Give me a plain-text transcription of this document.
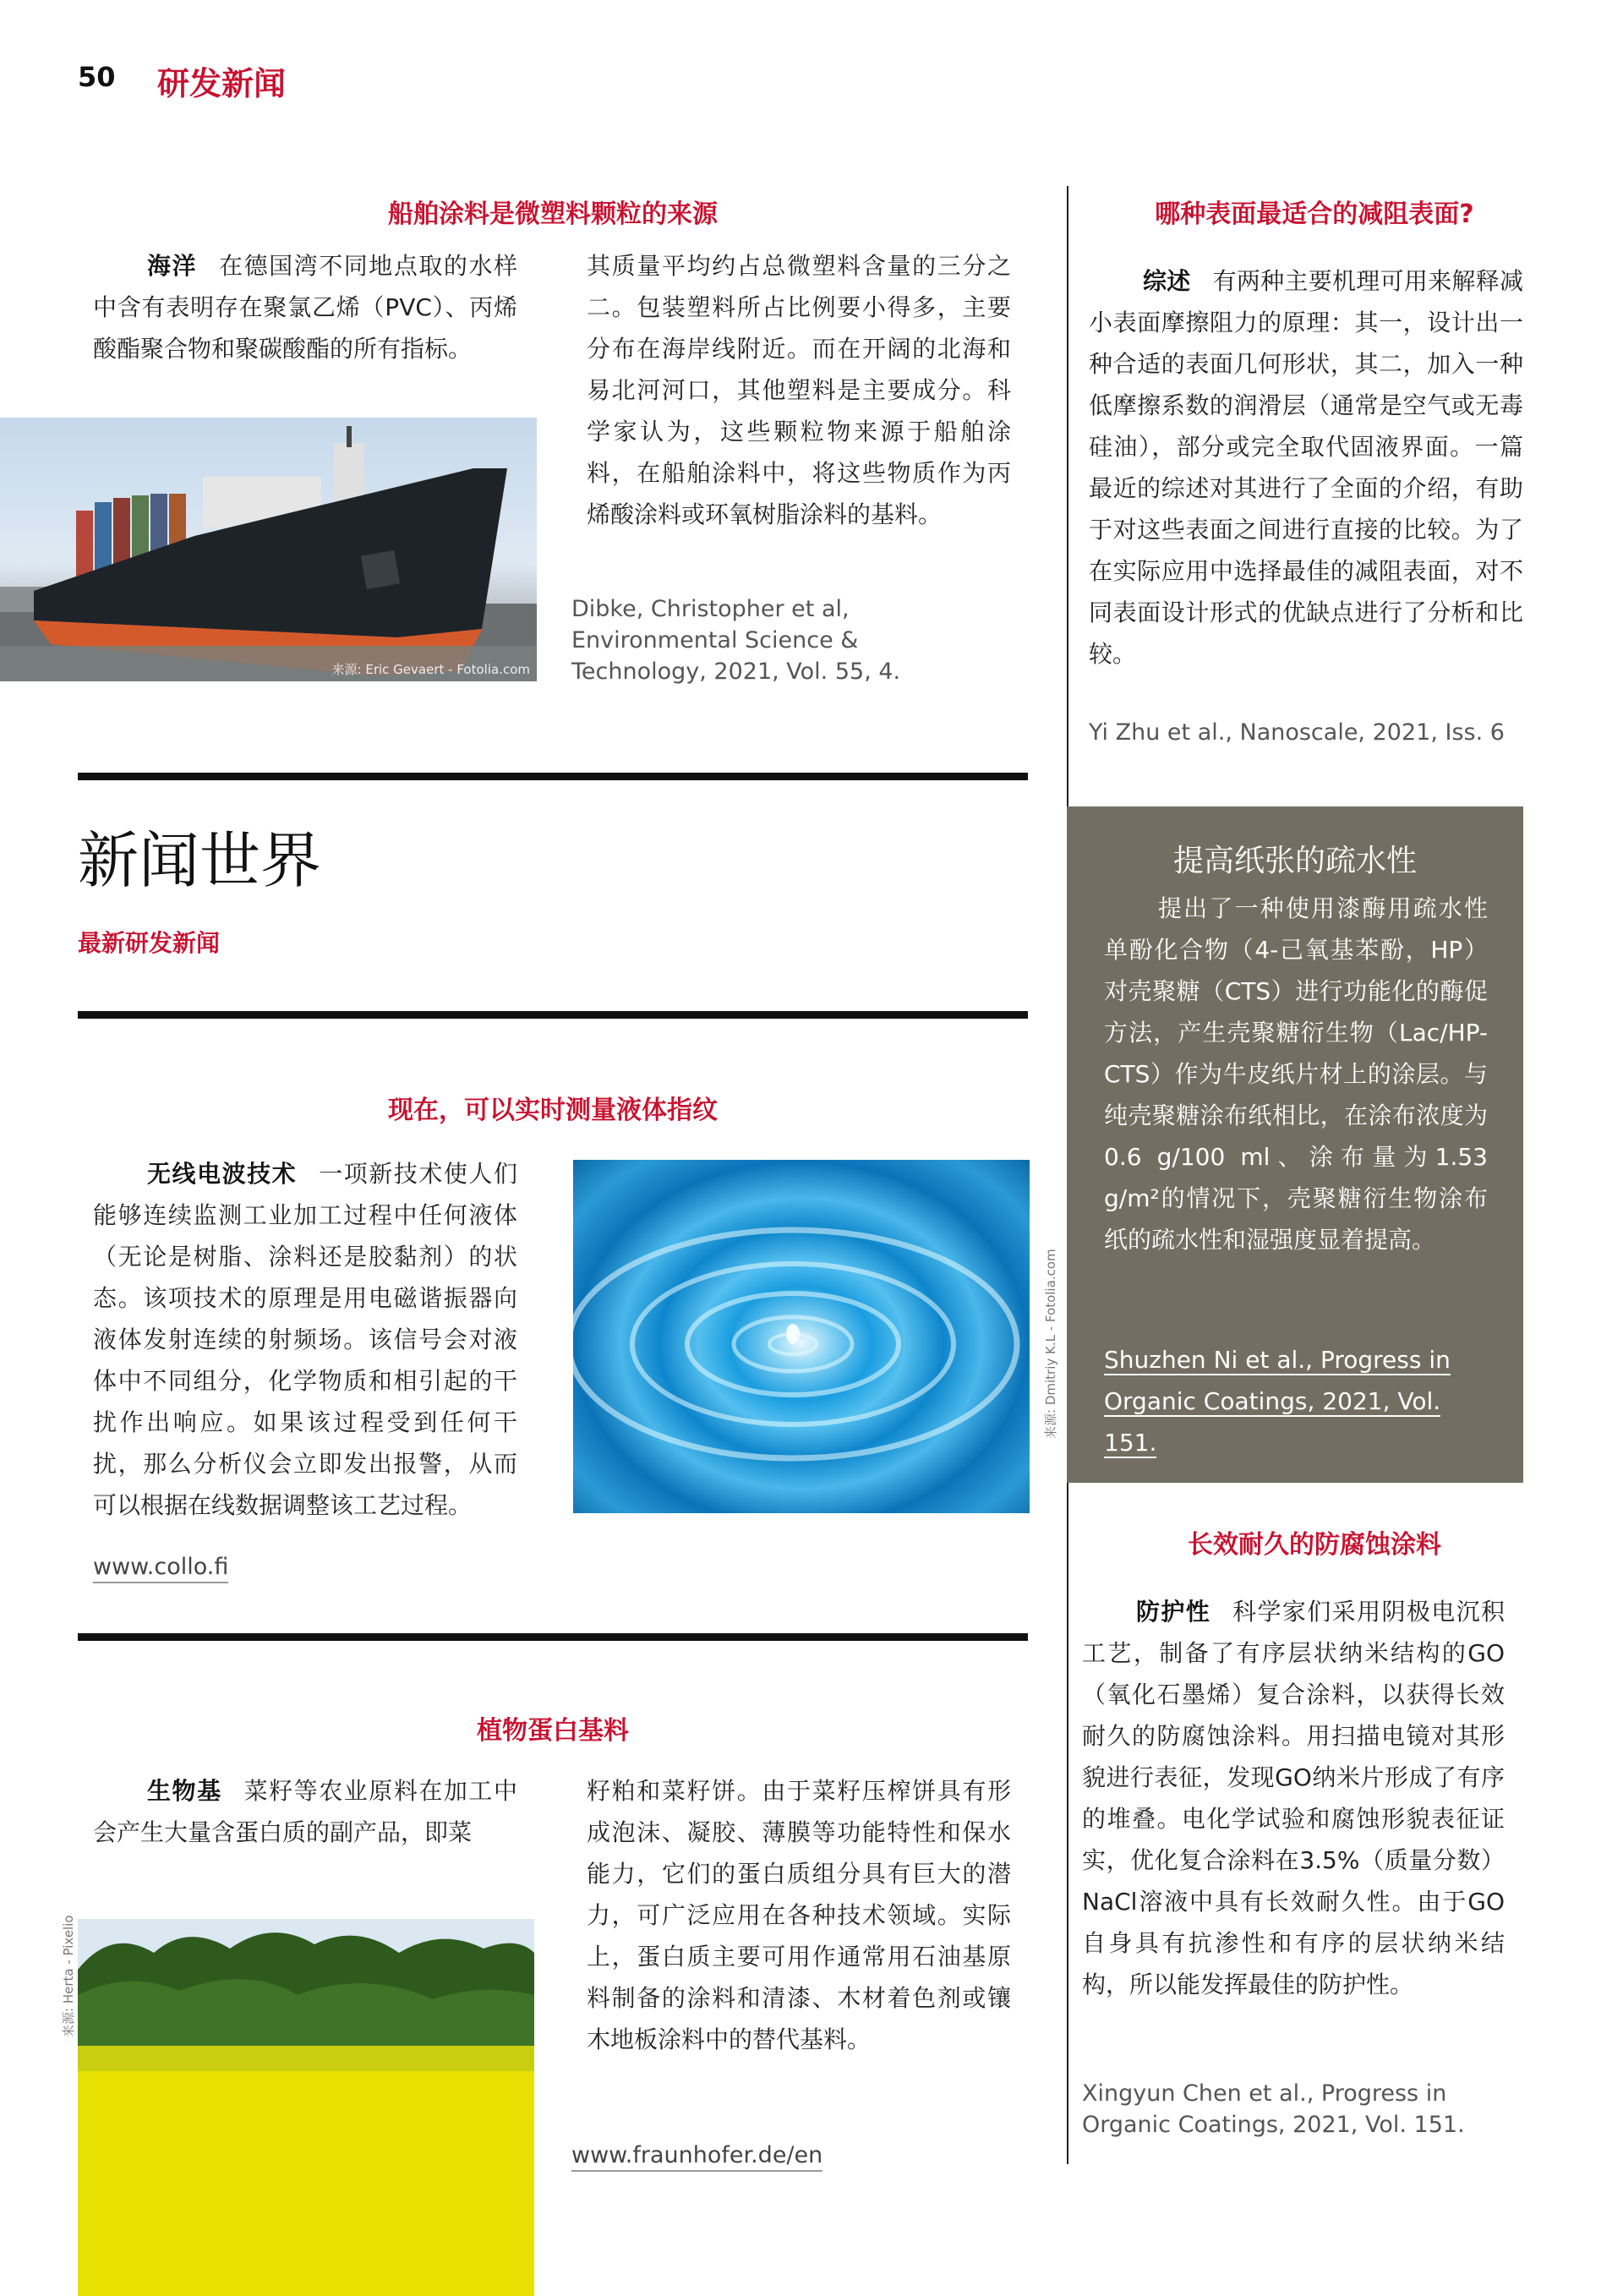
50 研发新闻
船舶涂料是微塑料颗粒的来源
海洋 在德国湾不同地点取的水样中含有表明存在聚氯乙烯（PVC）、丙烯酸酯聚合物和聚碳酸酯的所有指标。
来源: Eric Gevaert - Fotolia.com
其质量平均约占总微塑料含量的三分之二。包装塑料所占比例要小得多，主要分布在海岸线附近。而在开阔的北海和易北河河口，其他塑料是主要成分。科学家认为，这些颗粒物来源于船舶涂料，在船舶涂料中，将这些物质作为丙烯酸涂料或环氧树脂涂料的基料。
Dibke, Christopher et al, Environmental Science & Technology, 2021, Vol. 55, 4.
哪种表面最适合的减阻表面?
综述 有两种主要机理可用来解释减小表面摩擦阻力的原理：其一，设计出一种合适的表面几何形状，其二，加入一种低摩擦系数的润滑层（通常是空气或无毒硅油），部分或完全取代固液界面。一篇最近的综述对其进行了全面的介绍，有助于对这些表面之间进行直接的比较。为了在实际应用中选择最佳的减阻表面，对不同表面设计形式的优缺点进行了分析和比较。
Yi Zhu et al., Nanoscale, 2021, Iss. 6
新闻世界
最新研发新闻
现在，可以实时测量液体指纹
无线电波技术 一项新技术使人们能够连续监测工业加工过程中任何液体（无论是树脂、涂料还是胶黏剂）的状态。该项技术的原理是用电磁谐振器向液体发射连续的射频场。该信号会对液体中不同组分，化学物质和相引起的干扰作出响应。如果该过程受到任何干扰，那么分析仪会立即发出报警，从而可以根据在线数据调整该工艺过程。
来源: Dmitriy K.L - Fotolia.com
www.collo.fi
提高纸张的疏水性
提出了一种使用漆酶用疏水性单酚化合物（4-己氧基苯酚，HP）对壳聚糖（CTS）进行功能化的酶促方法，产生壳聚糖衍生物（Lac/HP-CTS）作为牛皮纸片材上的涂层。与纯壳聚糖涂布纸相比，在涂布浓度为0.6 g/100 ml、涂布量为1.53 g/m²的情况下，壳聚糖衍生物涂布纸的疏水性和湿强度显着提高。
Shuzhen Ni et al., Progress in
Organic Coatings, 2021, Vol. 151.
长效耐久的防腐蚀涂料
防护性 科学家们采用阴极电沉积工艺，制备了有序层状纳米结构的GO（氧化石墨烯）复合涂料，以获得长效耐久的防腐蚀涂料。用扫描电镜对其形貌进行表征，发现GO纳米片形成了有序的堆叠。电化学试验和腐蚀形貌表征证实，优化复合涂料在3.5%（质量分数）NaCl溶液中具有长效耐久性。由于GO自身具有抗渗性和有序的层状纳米结构，所以能发挥最佳的防护性。
Xingyun Chen et al., Progress in Organic Coatings, 2021, Vol. 151.
植物蛋白基料
生物基 菜籽等农业原料在加工中会产生大量含蛋白质的副产品，即菜
来源: Herta - Pixelio
籽粕和菜籽饼。由于菜籽压榨饼具有形成泡沫、凝胶、薄膜等功能特性和保水能力，它们的蛋白质组分具有巨大的潜力，可广泛应用在各种技术领域。实际上，蛋白质主要可用作通常用石油基原料制备的涂料和清漆、木材着色剂或镶木地板涂料中的替代基料。
www.fraunhofer.de/en
